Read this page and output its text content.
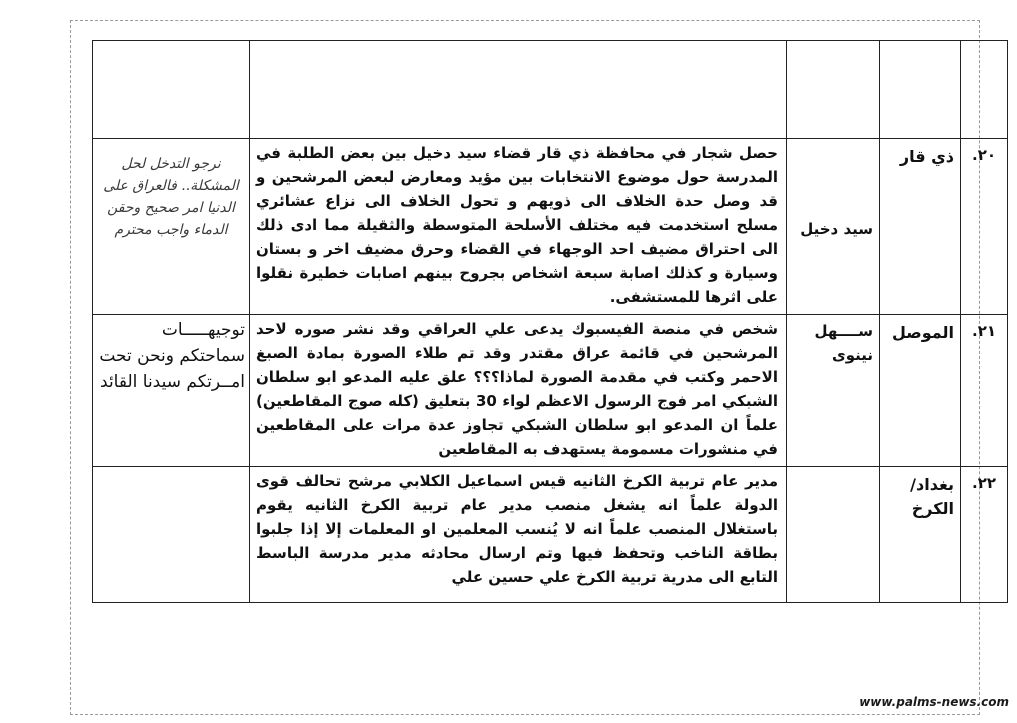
٢٠.	ذي قار	سيد دخيل	حصل شجار في محافظة ذي قار قضاء سيد دخيل بين بعض الطلبة في المدرسة حول موضوع الانتخابات بين مؤيد ومعارض لبعض المرشحين و قد وصل حدة الخلاف الى ذويهم و تحول الخلاف الى نزاع عشائري مسلح استخدمت فيه مختلف الأسلحة المتوسطة والثقيلة مما ادى ذلك الى احتراق مضيف احد الوجهاء في القضاء وحرق مضيف اخر و بستان وسيارة و كذلك اصابة سبعة اشخاص بجروح بينهم اصابات خطيرة نقلوا على اثرها للمستشفى.	نرجو التدخل لحل المشكلة.. فالعراق على الدنيا امر صحيح وحقن الدماء واجب محترم

٢١.	الموصل	ســــهل نينوى	شخص في منصة الفيسبوك يدعى علي العراقي وقد نشر صوره لاحد المرشحين في قائمة عراق مقتدر وقد تم طلاء الصورة بمادة الصبغ الاحمر وكتب في مقدمة الصورة لماذا؟؟؟ علق عليه المدعو ابو سلطان الشبكي امر فوج الرسول الاعظم لواء 30 بتعليق (كله صوج المقاطعين) علماً ان المدعو ابو سلطان الشبكي تجاوز عدة مرات على المقاطعين في منشورات مسمومة يستهدف به المقاطعين	توجيهـــــات سماحتكم ونحن تحت امــرتكم سيدنا القائد

٢٢.	بغداد/الكرخ		مدير عام تربية الكرخ الثانيه قيس اسماعيل الكلابي مرشح تحالف قوى الدولة علماً انه يشغل منصب مدير عام تربية الكرخ الثانيه يقوم باستغلال المنصب علماً انه لا يُنسب المعلمين او المعلمات إلا إذا جلبوا بطاقة الناخب وتحفظ فيها وتم ارسال محادثه مدير مدرسة الباسط التابع الى مدرية تربية الكرخ علي حسين علي	
www.palms-news.com
